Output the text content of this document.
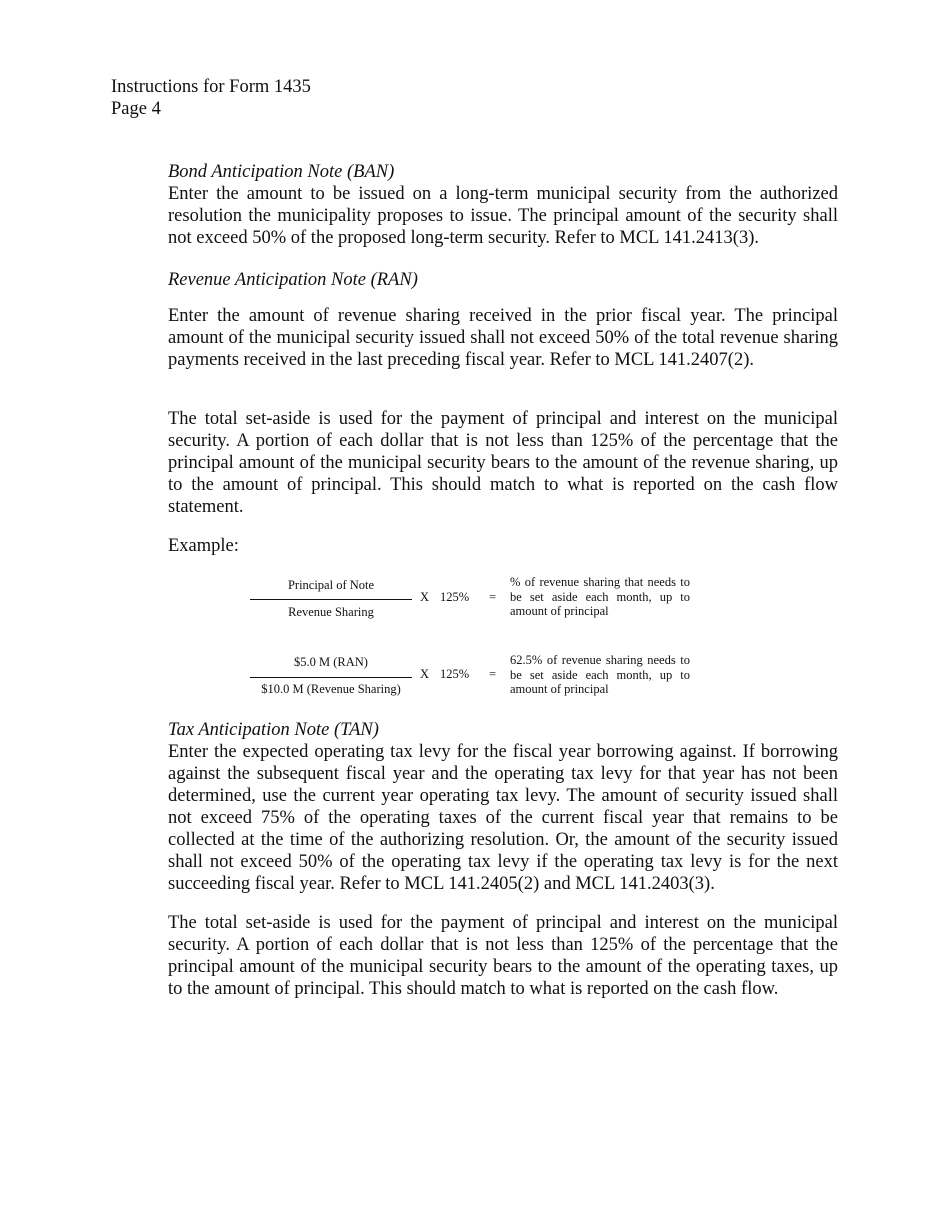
Instructions for Form 1435
Page 4

Bond Anticipation Note (BAN)

Enter the amount to be issued on a long-term municipal security from the authorized resolution the municipality proposes to issue. The principal amount of the security shall not exceed 50% of the proposed long-term security. Refer to MCL 141.2413(3).

Revenue Anticipation Note (RAN)

Enter the amount of revenue sharing received in the prior fiscal year. The principal amount of the municipal security issued shall not exceed 50% of the total revenue sharing payments received in the last preceding fiscal year. Refer to MCL 141.2407(2).

The total set-aside is used for the payment of principal and interest on the municipal security. A portion of each dollar that is not less than 125% of the percentage that the principal amount of the municipal security bears to the amount of the revenue sharing, up to the amount of principal. This should match to what is reported on the cash flow statement.

Example:
Principal of Note
Revenue Sharing
X 125% =
% of revenue sharing that needs to be set aside each month, up to amount of principal
$5.0 M (RAN)
$10.0 M (Revenue Sharing)
X 125% =
62.5% of revenue sharing needs to be set aside each month, up to amount of principal

Tax Anticipation Note (TAN)

Enter the expected operating tax levy for the fiscal year borrowing against. If borrowing against the subsequent fiscal year and the operating tax levy for that year has not been determined, use the current year operating tax levy. The amount of security issued shall not exceed 75% of the operating taxes of the current fiscal year that remains to be collected at the time of the authorizing resolution. Or, the amount of the security issued shall not exceed 50% of the operating tax levy if the operating tax levy is for the next succeeding fiscal year. Refer to MCL 141.2405(2) and MCL 141.2403(3).

The total set-aside is used for the payment of principal and interest on the municipal security. A portion of each dollar that is not less than 125% of the percentage that the principal amount of the municipal security bears to the amount of the operating taxes, up to the amount of principal. This should match to what is reported on the cash flow.
